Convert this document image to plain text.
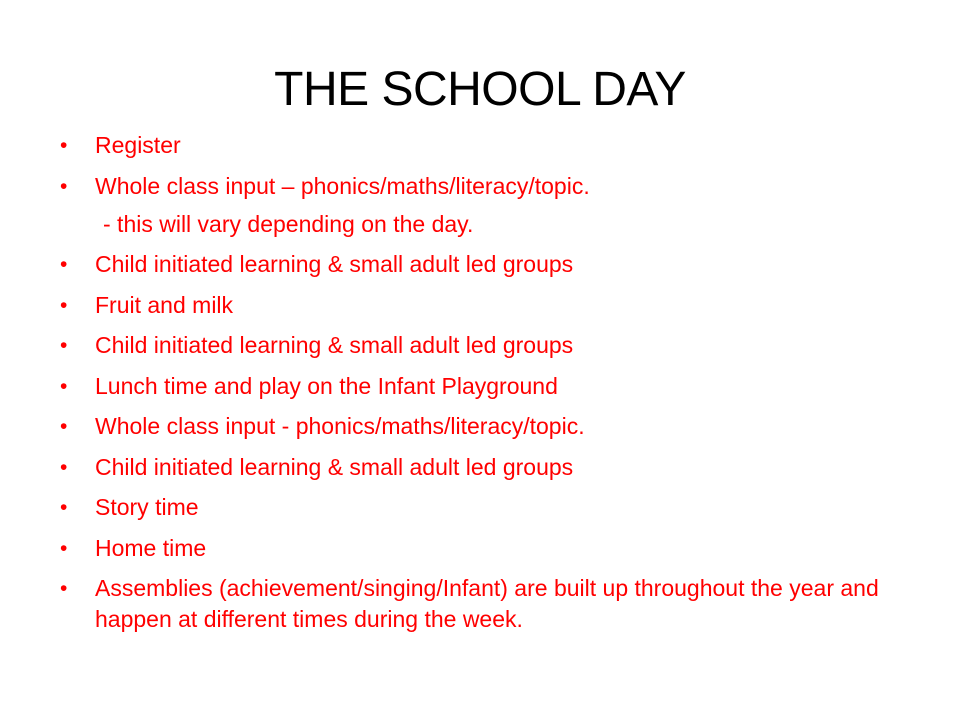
THE SCHOOL DAY
• Register
• Whole class input – phonics/maths/literacy/topic.
- this will vary depending on the day.
• Child initiated learning & small adult led groups
• Fruit and milk
• Child initiated learning & small adult led groups
• Lunch time and play on the Infant Playground
• Whole class input - phonics/maths/literacy/topic.
• Child initiated learning & small adult led groups
• Story time
• Home time
• Assemblies (achievement/singing/Infant) are built up throughout the year and happen at different times during the week.
